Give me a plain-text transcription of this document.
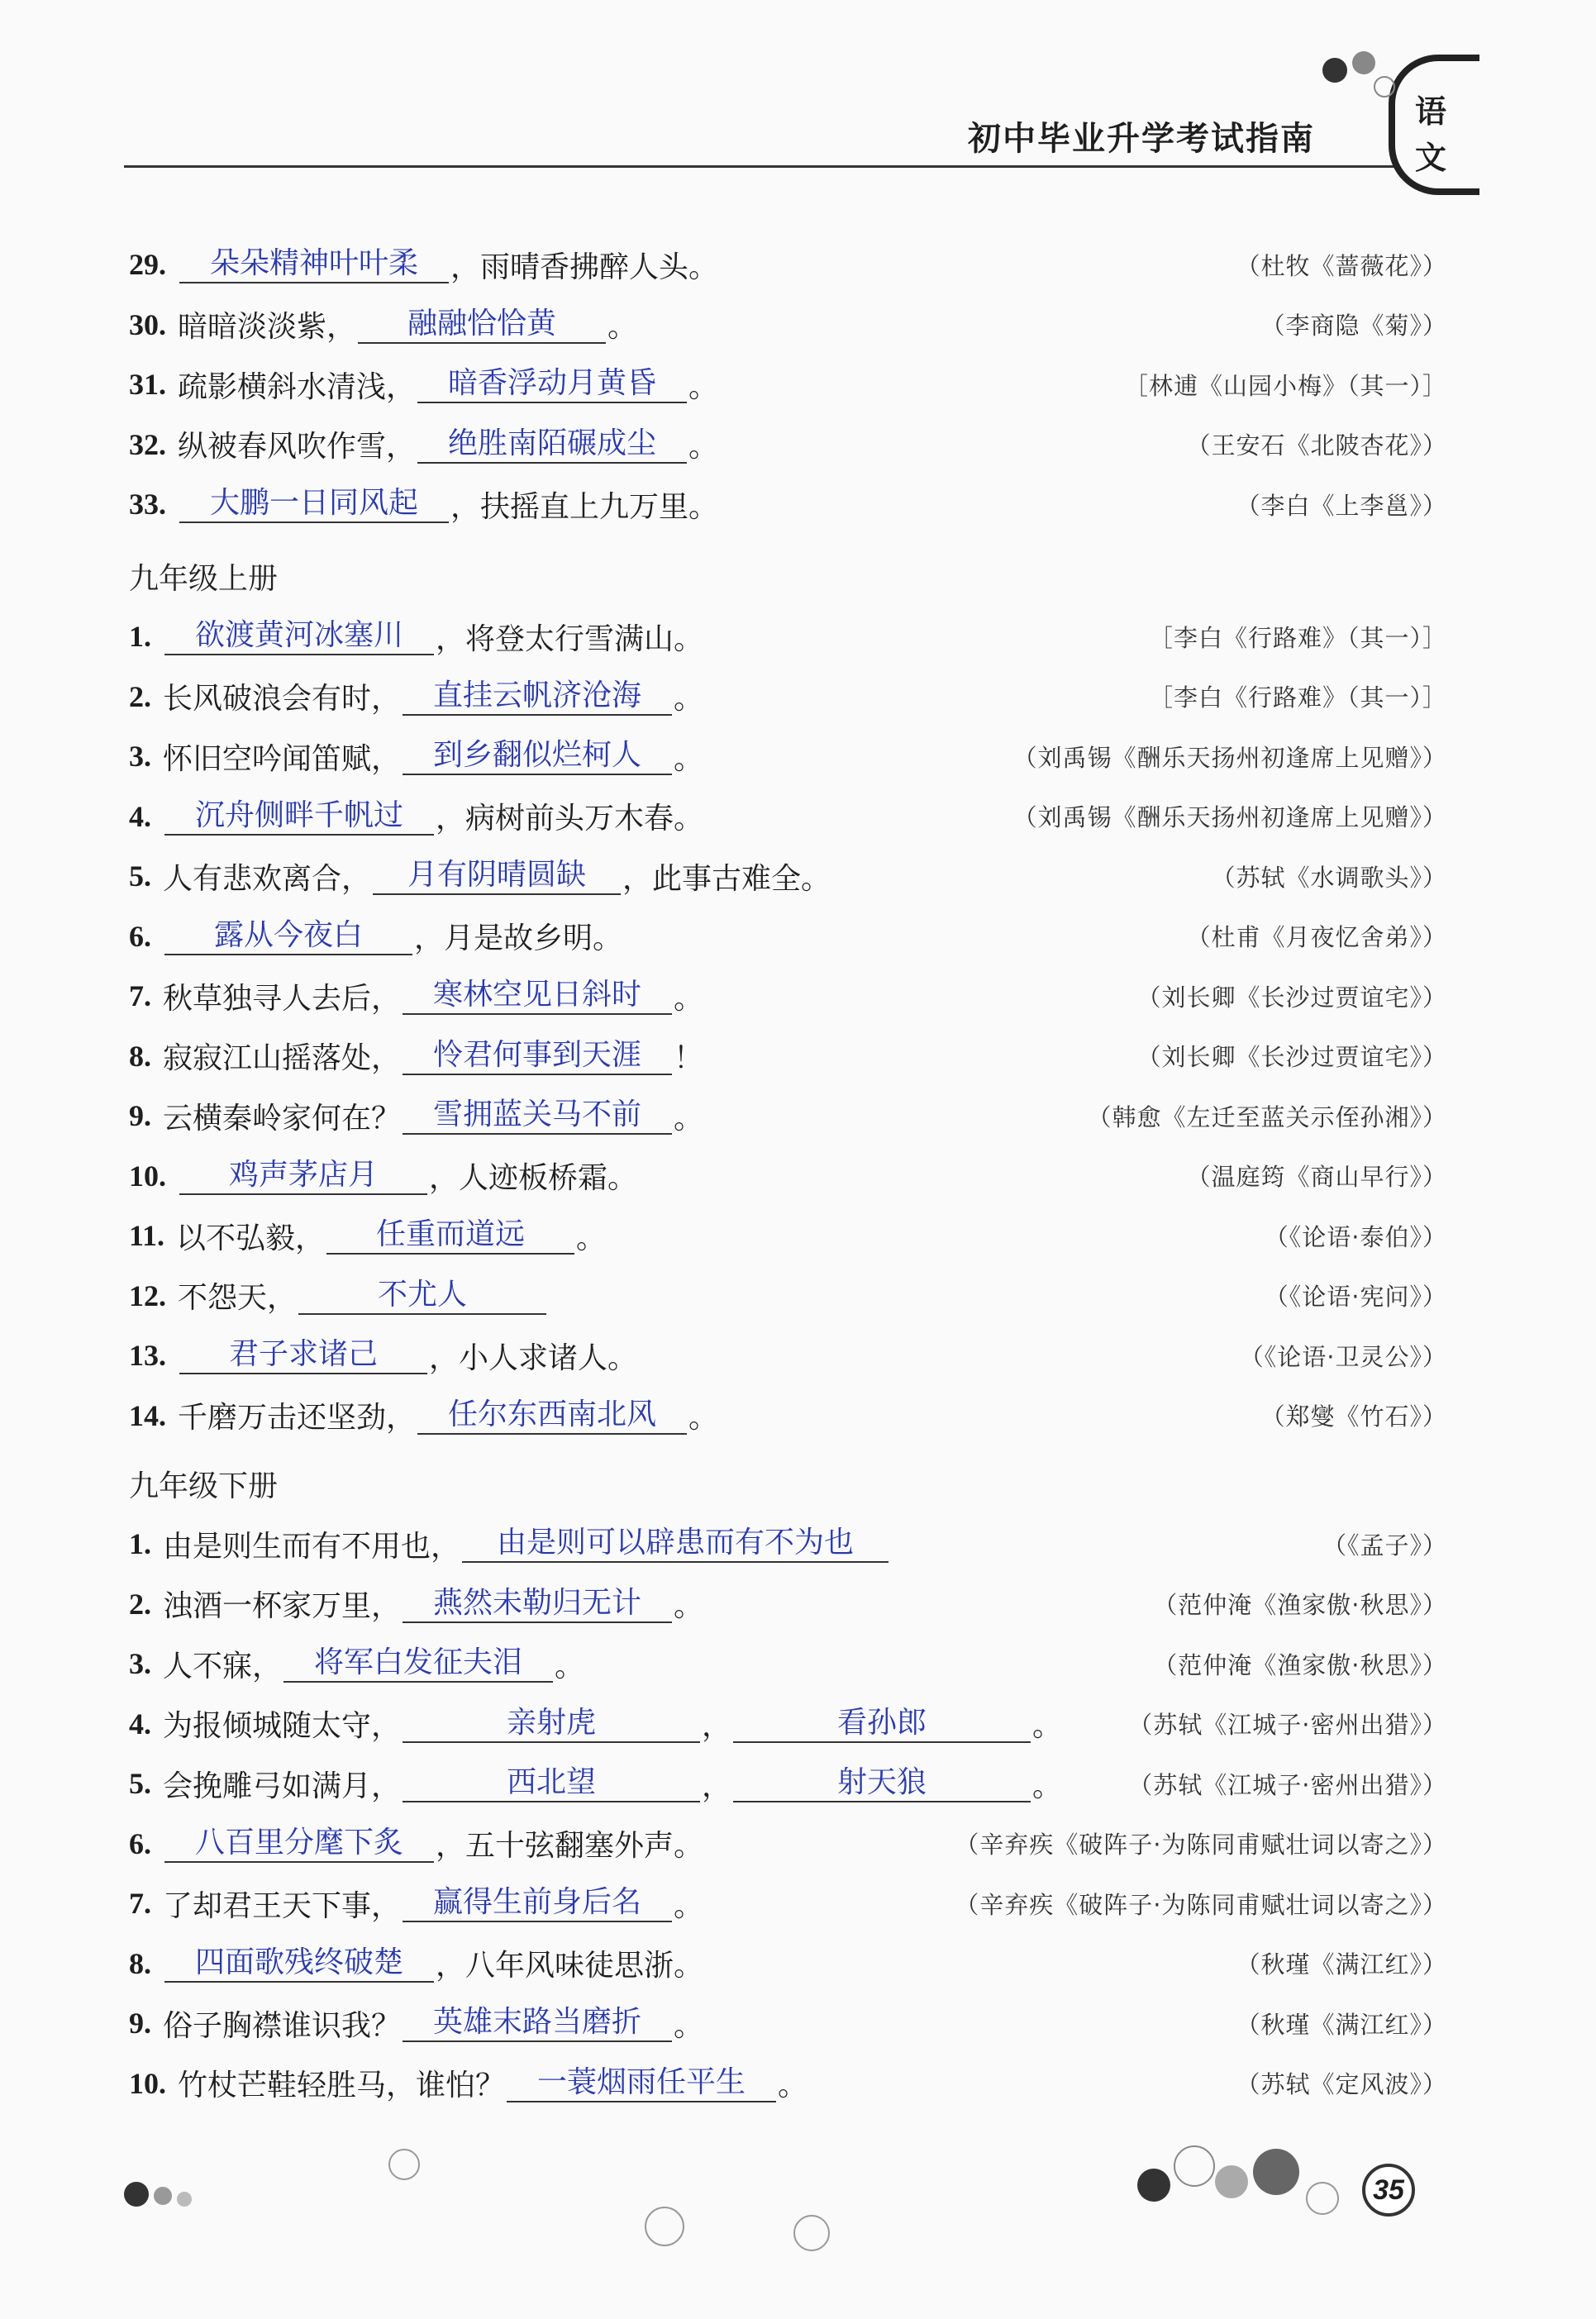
初中毕业升学考试指南
语
文
29.	朵朵精神叶叶柔	，雨晴香拂醉人头。	（杜牧《蔷薇花》）
30. 暗暗淡淡紫，	融融恰恰黄	。	（李商隐《菊》）
31. 疏影横斜水清浅，	暗香浮动月黄昏	。	［林逋《山园小梅》（其一）］
32. 纵被春风吹作雪，	绝胜南陌碾成尘	。	（王安石《北陂杏花》）
33.	大鹏一日同风起	，扶摇直上九万里。	（李白《上李邕》）
九年级上册
1.	欲渡黄河冰塞川	，将登太行雪满山。	［李白《行路难》（其一）］
2. 长风破浪会有时，	直挂云帆济沧海	。	［李白《行路难》（其一）］
3. 怀旧空吟闻笛赋，	到乡翻似烂柯人	。	（刘禹锡《酬乐天扬州初逢席上见赠》）
4.	沉舟侧畔千帆过	，病树前头万木春。	（刘禹锡《酬乐天扬州初逢席上见赠》）
5. 人有悲欢离合，	月有阴晴圆缺	，此事古难全。	（苏轼《水调歌头》）
6.	露从今夜白	，月是故乡明。	（杜甫《月夜忆舍弟》）
7. 秋草独寻人去后，	寒林空见日斜时	。	（刘长卿《长沙过贾谊宅》）
8. 寂寂江山摇落处，	怜君何事到天涯	！	（刘长卿《长沙过贾谊宅》）
9. 云横秦岭家何在？	雪拥蓝关马不前	。	（韩愈《左迁至蓝关示侄孙湘》）
10.	鸡声茅店月	，人迹板桥霜。	（温庭筠《商山早行》）
11. 以不弘毅，	任重而道远	。	（《论语·泰伯》）
12. 不怨天，	不尤人	（《论语·宪问》）
13.	君子求诸己	，小人求诸人。	（《论语·卫灵公》）
14. 千磨万击还坚劲，	任尔东西南北风	。	（郑燮《竹石》）
九年级下册
1. 由是则生而有不用也，	由是则可以辟患而有不为也	（《孟子》）
2. 浊酒一杯家万里，	燕然未勒归无计	。	（范仲淹《渔家傲·秋思》）
3. 人不寐，	将军白发征夫泪	。	（范仲淹《渔家傲·秋思》）
4. 为报倾城随太守，	亲射虎	，	看孙郎	。	（苏轼《江城子·密州出猎》）
5. 会挽雕弓如满月，	西北望	，	射天狼	。	（苏轼《江城子·密州出猎》）
6.	八百里分麾下炙	，五十弦翻塞外声。	（辛弃疾《破阵子·为陈同甫赋壮词以寄之》）
7. 了却君王天下事，	赢得生前身后名	。	（辛弃疾《破阵子·为陈同甫赋壮词以寄之》）
8.	四面歌残终破楚	，八年风味徒思浙。	（秋瑾《满江红》）
9. 俗子胸襟谁识我？	英雄末路当磨折	。	（秋瑾《满江红》）
10. 竹杖芒鞋轻胜马，谁怕？	一蓑烟雨任平生	。	（苏轼《定风波》）
35
